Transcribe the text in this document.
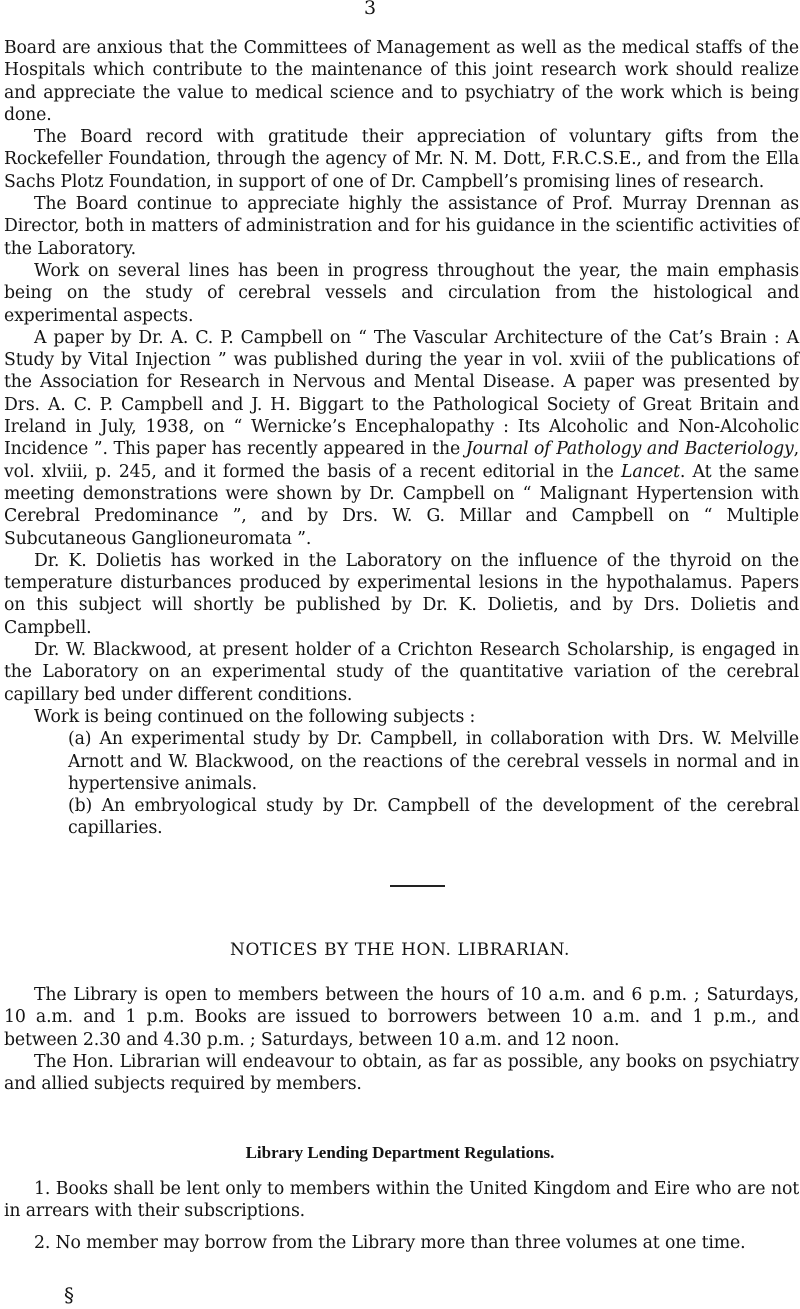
3

Board are anxious that the Committees of Management as well as the medical staffs of the Hospitals which contribute to the maintenance of this joint research work should realize and appreciate the value to medical science and to psychiatry of the work which is being done.

The Board record with gratitude their appreciation of voluntary gifts from the Rockefeller Foundation, through the agency of Mr. N. M. Dott, F.R.C.S.E., and from the Ella Sachs Plotz Foundation, in support of one of Dr. Campbell’s promising lines of research.

The Board continue to appreciate highly the assistance of Prof. Murray Drennan as Director, both in matters of administration and for his guidance in the scientific activities of the Laboratory.

Work on several lines has been in progress throughout the year, the main emphasis being on the study of cerebral vessels and circulation from the histological and experimental aspects.

A paper by Dr. A. C. P. Campbell on “ The Vascular Architecture of the Cat’s Brain : A Study by Vital Injection ” was published during the year in vol. xviii of the publications of the Association for Research in Nervous and Mental Disease. A paper was presented by Drs. A. C. P. Campbell and J. H. Biggart to the Pathological Society of Great Britain and Ireland in July, 1938, on “ Wernicke’s Encephalopathy : Its Alcoholic and Non-Alcoholic Incidence ”. This paper has recently appeared in the Journal of Pathology and Bacteriology, vol. xlviii, p. 245, and it formed the basis of a recent editorial in the Lancet. At the same meeting demonstrations were shown by Dr. Campbell on “ Malignant Hypertension with Cerebral Predominance ”, and by Drs. W. G. Millar and Campbell on “ Multiple Subcutaneous Ganglioneuromata ”.

Dr. K. Dolietis has worked in the Laboratory on the influence of the thyroid on the temperature disturbances produced by experimental lesions in the hypothalamus. Papers on this subject will shortly be published by Dr. K. Dolietis, and by Drs. Dolietis and Campbell.

Dr. W. Blackwood, at present holder of a Crichton Research Scholarship, is engaged in the Laboratory on an experimental study of the quantitative variation of the cerebral capillary bed under different conditions.

Work is being continued on the following subjects :

(a) An experimental study by Dr. Campbell, in collaboration with Drs. W. Melville Arnott and W. Blackwood, on the reactions of the cerebral vessels in normal and in hypertensive animals.

(b) An embryological study by Dr. Campbell of the development of the cerebral capillaries.

NOTICES BY THE HON. LIBRARIAN.

The Library is open to members between the hours of 10 a.m. and 6 p.m. ; Saturdays, 10 a.m. and 1 p.m. Books are issued to borrowers between 10 a.m. and 1 p.m., and between 2.30 and 4.30 p.m. ; Saturdays, between 10 a.m. and 12 noon.

The Hon. Librarian will endeavour to obtain, as far as possible, any books on psychiatry and allied subjects required by members.

Library Lending Department Regulations.

1. Books shall be lent only to members within the United Kingdom and Eire who are not in arrears with their subscriptions.

2. No member may borrow from the Library more than three volumes at one time.

§
